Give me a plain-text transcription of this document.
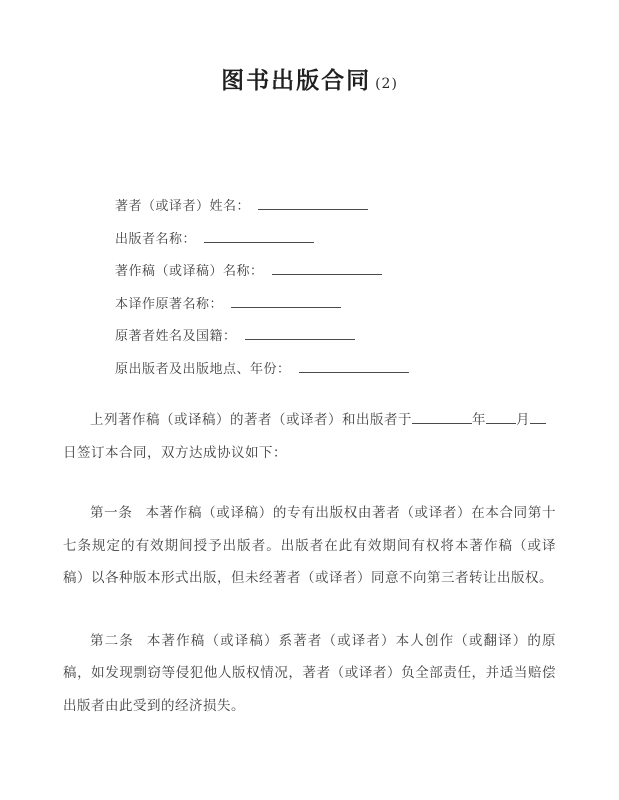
图书出版合同 (2)
著者（或译者）姓名：
出版者名称：
著作稿（或译稿）名称：
本译作原著名称：
原著者姓名及国籍：
原出版者及出版地点、年份：
上列著作稿（或译稿）的著者（或译者）和出版者于	年 月
日签订本合同，双方达成协议如下：

第一条 本著作稿（或译稿）的专有出版权由著者（或译者）在本合同第十七条规定的有效期间授予出版者。出版者在此有效期间有权将本著作稿（或译稿）以各种版本形式出版，但未经著者（或译者）同意不向第三者转让出版权。

第二条 本著作稿（或译稿）系著者（或译者）本人创作（或翻译）的原稿，如发现剽窃等侵犯他人版权情况，著者（或译者）负全部责任，并适当赔偿出版者由此受到的经济损失。
